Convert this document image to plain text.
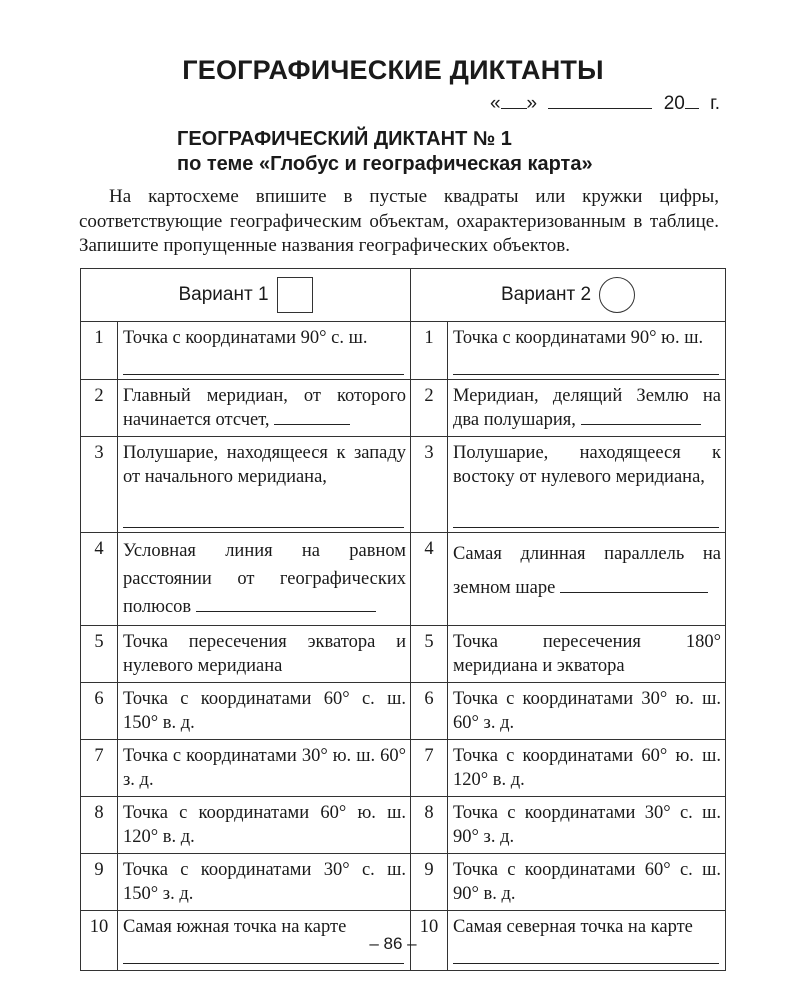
ГЕОГРАФИЧЕСКИЕ ДИКТАНТЫ
« »	20 г.
ГЕОГРАФИЧЕСКИЙ ДИКТАНТ № 1
по теме «Глобус и географическая карта»
На картосхеме впишите в пустые квадраты или кружки цифры, соответствующие географическим объектам, охарактеризованным в таблице. Запишите пропущенные названия географических объектов.
Вариант 1		Вариант 2	

1	Точка с координатами 90° с. ш.	1	Точка с координатами 90° ю. ш.

2	Главный меридиан, от которого начинается отсчет,	2	Меридиан, делящий Землю на два полушария,
3	Полушарие, находящееся к западу от начального меридиана,	3	Полушарие, находящееся к востоку от нулевого меридиана,

4	Условная линия на равном расстоянии от географических полюсов	4	Самая длинная параллель на земном шаре
5	Точка пересечения экватора и нулевого меридиана	5	Точка пересечения 180° меридиана и экватора
6	Точка с координатами 60° с. ш. 150° в. д.	6	Точка с координатами 30° ю. ш. 60° з. д.
7	Точка с координатами 30° ю. ш. 60° з. д.	7	Точка с координатами 60° ю. ш. 120° в. д.
8	Точка с координатами 60° ю. ш. 120° в. д.	8	Точка с координатами 30° с. ш. 90° з. д.
9	Точка с координатами 30° с. ш. 150° з. д.	9	Точка с координатами 60° с. ш. 90° в. д.
10	Самая южная точка на карте	10	Самая северная точка на карте
– 86 –
